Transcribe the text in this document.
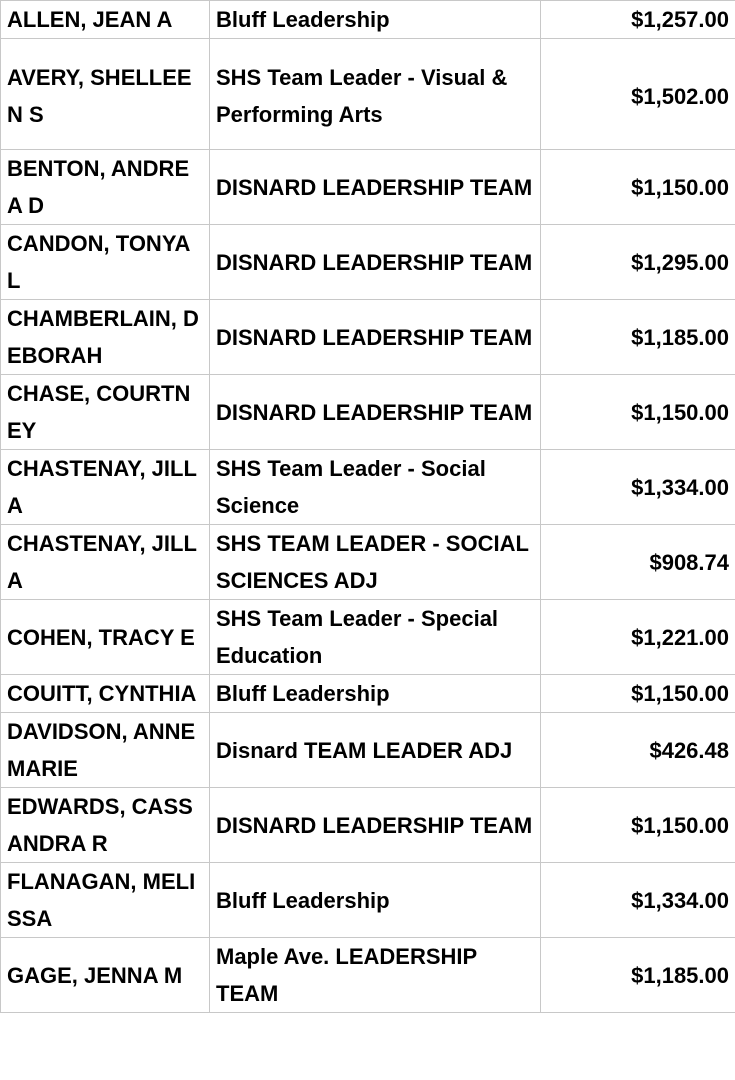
ALLEN, JEAN A	Bluff Leadership	$1,257.00
AVERY, SHELLEEN S	SHS Team Leader - Visual & Performing Arts	$1,502.00
BENTON, ANDREA D	DISNARD LEADERSHIP TEAM	$1,150.00
CANDON, TONYA L	DISNARD LEADERSHIP TEAM	$1,295.00
CHAMBERLAIN, DEBORAH	DISNARD LEADERSHIP TEAM	$1,185.00
CHASE, COURTNEY	DISNARD LEADERSHIP TEAM	$1,150.00
CHASTENAY, JILL A	SHS Team Leader - Social Science	$1,334.00
CHASTENAY, JILL A	SHS TEAM LEADER - SOCIAL SCIENCES ADJ	$908.74
COHEN, TRACY E	SHS Team Leader - Special Education	$1,221.00
COUITT, CYNTHIA	Bluff Leadership	$1,150.00
DAVIDSON, ANNEMARIE	Disnard TEAM LEADER ADJ	$426.48
EDWARDS, CASSANDRA R	DISNARD LEADERSHIP TEAM	$1,150.00
FLANAGAN, MELISSA	Bluff Leadership	$1,334.00
GAGE, JENNA M	Maple Ave. LEADERSHIP TEAM	$1,185.00
